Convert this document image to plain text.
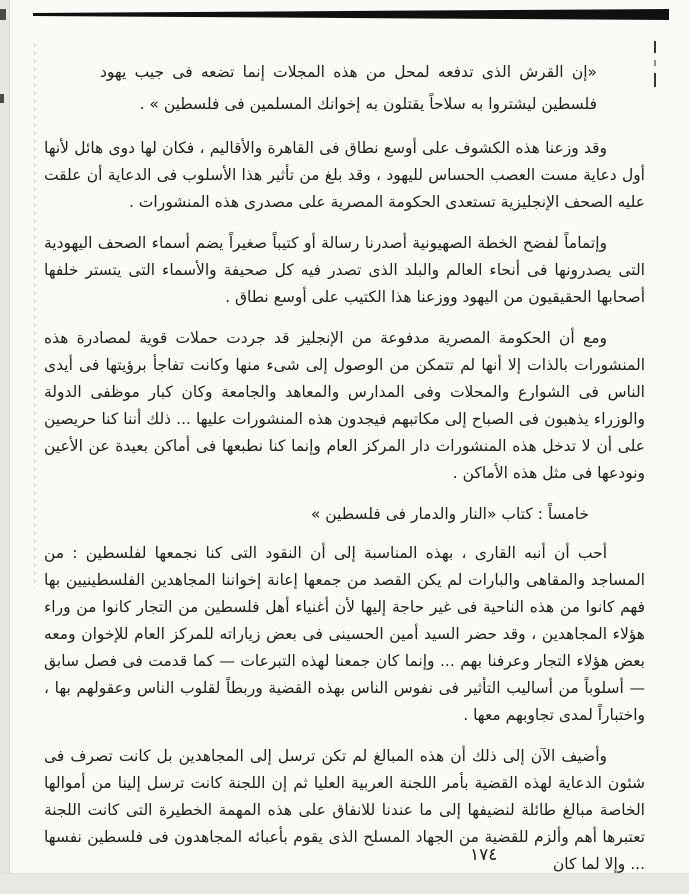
«إن القرش الذى تدفعه لمحل من هذه المجلات إنما تضعه فى جيب يهود فلسطين ليشتروا به سلاحاً يقتلون به إخوانك المسلمين فى فلسطين » .

وقد وزعنا هذه الكشوف على أوسع نطاق فى القاهرة والأقاليم ، فكان لها دوى هائل لأنها أول دعاية مست العصب الحساس لليهود ، وقد بلغ من تأثير هذا الأسلوب فى الدعاية أن علقت عليه الصحف الإنجليزية تستعدى الحكومة المصرية على مصدرى هذه المنشورات .

وإتماماً لفضح الخطة الصهيونية أصدرنا رسالة أو كتيباً صغيراً يضم أسماء الصحف اليهودية التى يصدرونها فى أنحاء العالم والبلد الذى تصدر فيه كل صحيفة والأسماء التى يتستر خلفها أصحابها الحقيقيون من اليهود ووزعنا هذا الكتيب على أوسع نطاق .

ومع أن الحكومة المصرية مدفوعة من الإنجليز قد جردت حملات قوية لمصادرة هذه المنشورات بالذات إلا أنها لم تتمكن من الوصول إلى شىء منها وكانت تفاجأ برؤيتها فى أيدى الناس فى الشوارع والمحلات وفى المدارس والمعاهد والجامعة وكان كبار موظفى الدولة والوزراء يذهبون فى الصباح إلى مكاتبهم فيجدون هذه المنشورات عليها ... ذلك أننا كنا حريصين على أن لا تدخل هذه المنشورات دار المركز العام وإنما كنا نطبعها فى أماكن بعيدة عن الأعين ونودعها فى مثل هذه الأماكن .

خامساً : كتاب «النار والدمار فى فلسطين »

أحب أن أنبه القارى ، بهذه المناسبة إلى أن النقود التى كنا نجمعها لفلسطين : من المساجد والمقاهى والبارات لم يكن القصد من جمعها إعانة إخواننا المجاهدين الفلسطينيين بها فهم كانوا من هذه الناحية فى غير حاجة إليها لأن أغنياء أهل فلسطين من التجار كانوا من وراء هؤلاء المجاهدين ، وقد حضر السيد أمين الحسينى فى بعض زياراته للمركز العام للإخوان ومعه بعض هؤلاء التجار وعرفنا بهم ... وإنما كان جمعنا لهذه التبرعات — كما قدمت فى فصل سابق — أسلوباً من أساليب التأثير فى نفوس الناس بهذه القضية وربطاً لقلوب الناس وعقولهم بها ، واختباراً لمدى تجاوبهم معها .

وأضيف الآن إلى ذلك أن هذه المبالغ لم تكن ترسل إلى المجاهدين بل كانت تصرف فى شئون الدعاية لهذه القضية بأمر اللجنة العربية العليا ثم إن اللجنة كانت ترسل إلينا من أموالها الخاصة مبالغ طائلة لنضيفها إلى ما عندنا للانفاق على هذه المهمة الخطيرة التى كانت اللجنة تعتبرها أهم وألزم للقضية من الجهاد المسلح الذى يقوم بأعبائه المجاهدون فى فلسطين نفسها ... وإلا لما كان

١٧٤
